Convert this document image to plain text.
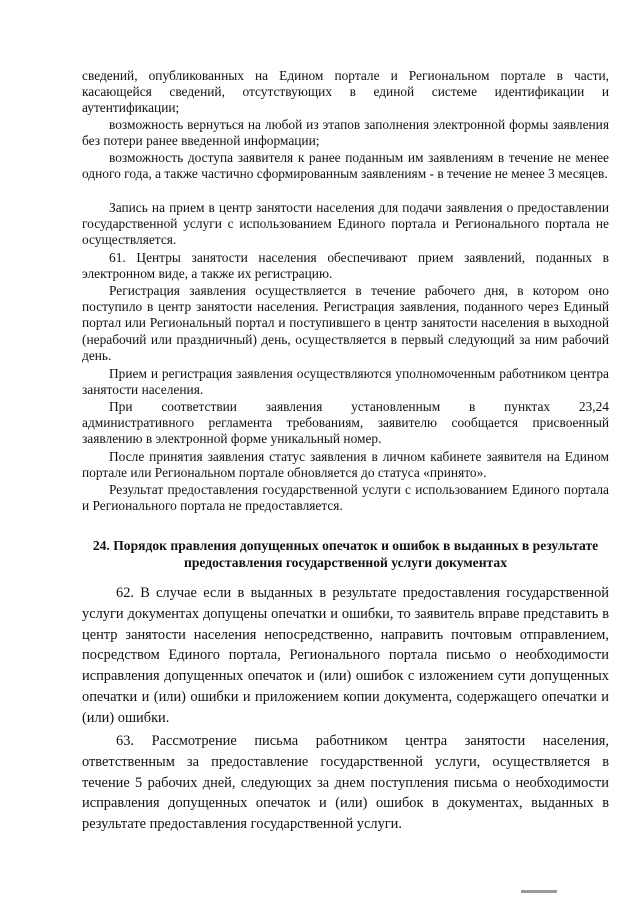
сведений, опубликованных на Едином портале и Региональном портале в части, касающейся сведений, отсутствующих в единой системе идентификации и аутентификации;

возможность вернуться на любой из этапов заполнения электронной формы заявления без потери ранее введенной информации;

возможность доступа заявителя к ранее поданным им заявлениям в течение не менее одного года, а также частично сформированным заявлениям - в течение не менее 3 месяцев.

Запись на прием в центр занятости населения для подачи заявления о предоставлении государственной услуги с использованием Единого портала и Регионального портала не осуществляется.

61. Центры занятости населения обеспечивают прием заявлений, поданных в электронном виде, а также их регистрацию.

Регистрация заявления осуществляется в течение рабочего дня, в котором оно поступило в центр занятости населения. Регистрация заявления, поданного через Единый портал или Региональный портал и поступившего в центр занятости населения в выходной (нерабочий или праздничный) день, осуществляется в первый следующий за ним рабочий день.

Прием и регистрация заявления осуществляются уполномоченным работником центра занятости населения.

При соответствии заявления установленным в пунктах 23,24

административного регламента требованиям, заявителю сообщается присвоенный заявлению в электронной форме уникальный номер.

После принятия заявления статус заявления в личном кабинете заявителя на Едином портале или Региональном портале обновляется до статуса «принято».

Результат предоставления государственной услуги с использованием Единого портала и Регионального портала не предоставляется.

24. Порядок правления допущенных опечаток и ошибок в выданных в результате предоставления государственной услуги документах

62. В случае если в выданных в результате предоставления государственной услуги документах допущены опечатки и ошибки, то заявитель вправе представить в центр занятости населения непосредственно, направить почтовым отправлением, посредством Единого портала, Регионального портала письмо о необходимости исправления допущенных опечаток и (или) ошибок с изложением сути допущенных опечатки и (или) ошибки и приложением копии документа, содержащего опечатки и (или) ошибки.

63. Рассмотрение письма работником центра занятости населения, ответственным за предоставление государственной услуги, осуществляется в течение 5 рабочих дней, следующих за днем поступления письма о необходимости исправления допущенных опечаток и (или) ошибок в документах, выданных в результате предоставления государственной услуги.
